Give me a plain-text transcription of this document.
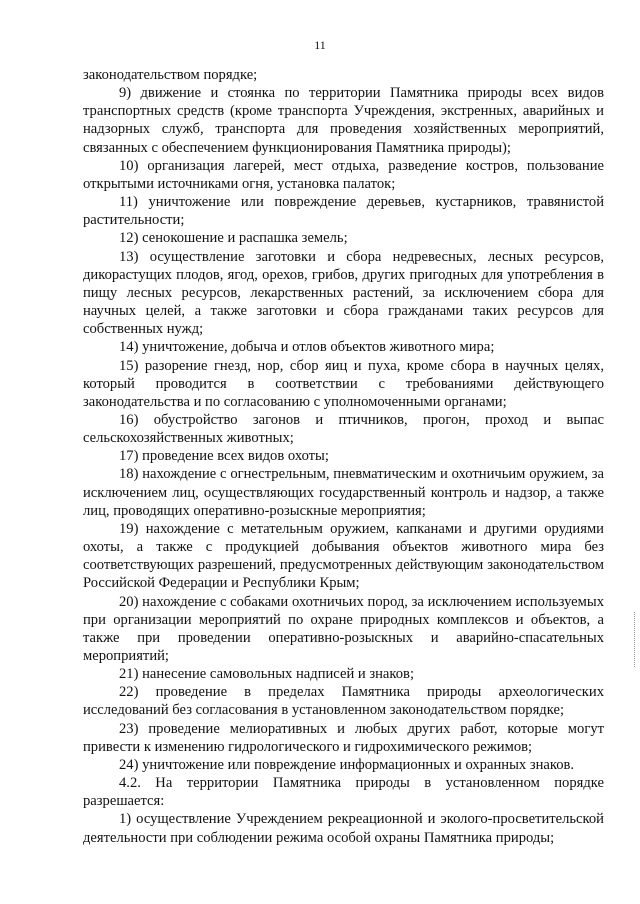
11

законодательством порядке;

9) движение и стоянка по территории Памятника природы всех видов транспортных средств (кроме транспорта Учреждения, экстренных, аварийных и надзорных служб, транспорта для проведения хозяйственных мероприятий, связанных с обеспечением функционирования Памятника природы);

10) организация лагерей, мест отдыха, разведение костров, пользование открытыми источниками огня, установка палаток;

11) уничтожение или повреждение деревьев, кустарников, травянистой растительности;

12) сенокошение и распашка земель;

13) осуществление заготовки и сбора недревесных, лесных ресурсов, дикорастущих плодов, ягод, орехов, грибов, других пригодных для употребления в пищу лесных ресурсов, лекарственных растений, за исключением сбора для научных целей, а также заготовки и сбора гражданами таких ресурсов для собственных нужд;

14) уничтожение, добыча и отлов объектов животного мира;

15) разорение гнезд, нор, сбор яиц и пуха, кроме сбора в научных целях, который проводится в соответствии с требованиями действующего законодательства и по согласованию с уполномоченными органами;

16) обустройство загонов и птичников, прогон, проход и выпас сельскохозяйственных животных;

17) проведение всех видов охоты;

18) нахождение с огнестрельным, пневматическим и охотничьим оружием, за исключением лиц, осуществляющих государственный контроль и надзор, а также лиц, проводящих оперативно-розыскные мероприятия;

19) нахождение с метательным оружием, капканами и другими орудиями охоты, а также с продукцией добывания объектов животного мира без соответствующих разрешений, предусмотренных действующим законодательством Российской Федерации и Республики Крым;

20) нахождение с собаками охотничьих пород, за исключением используемых при организации мероприятий по охране природных комплексов и объектов, а также при проведении оперативно-розыскных и аварийно-спасательных мероприятий;

21) нанесение самовольных надписей и знаков;

22) проведение в пределах Памятника природы археологических исследований без согласования в установленном законодательством порядке;

23) проведение мелиоративных и любых других работ, которые могут привести к изменению гидрологического и гидрохимического режимов;

24) уничтожение или повреждение информационных и охранных знаков.

4.2. На территории Памятника природы в установленном порядке разрешается:

1) осуществление Учреждением рекреационной и эколого-просветительской деятельности при соблюдении режима особой охраны Памятника природы;
